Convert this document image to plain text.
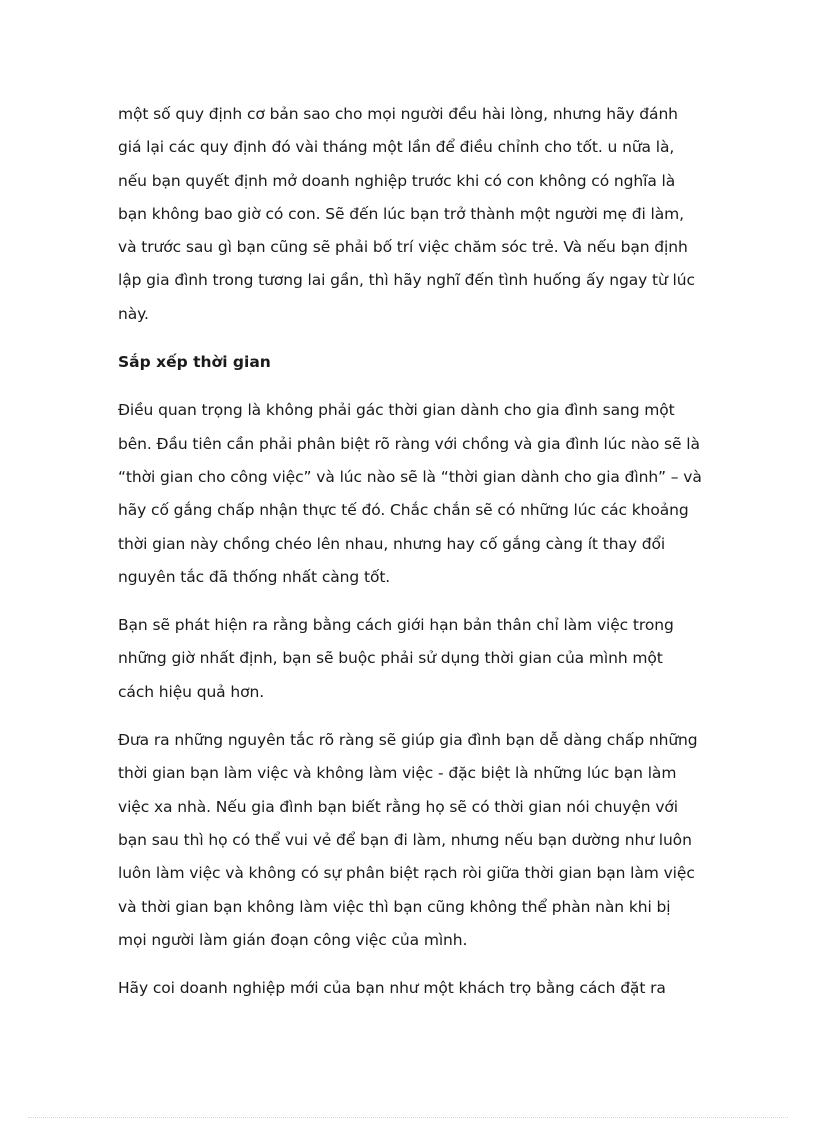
một số quy định cơ bản sao cho mọi người đều hài lòng, nhưng hãy đánh giá lại các quy định đó vài tháng một lần để điều chỉnh cho tốt. u nữa là, nếu bạn quyết định mở doanh nghiệp trước khi có con không có nghĩa là bạn không bao giờ có con. Sẽ đến lúc bạn trở thành một người mẹ đi làm, và trước sau gì bạn cũng sẽ phải bố trí việc chăm sóc trẻ. Và nếu bạn định lập gia đình trong tương lai gần, thì hãy nghĩ đến tình huống ấy ngay từ lúc này.

Sắp xếp thời gian

Điều quan trọng là không phải gác thời gian dành cho gia đình sang một bên. Đầu tiên cần phải phân biệt rõ ràng với chồng và gia đình lúc nào sẽ là “thời gian cho công việc” và lúc nào sẽ là “thời gian dành cho gia đình” – và hãy cố gắng chấp nhận thực tế đó. Chắc chắn sẽ có những lúc các khoảng thời gian này chồng chéo lên nhau, nhưng hay cố gắng càng ít thay đổi nguyên tắc đã thống nhất càng tốt.

Bạn sẽ phát hiện ra rằng bằng cách giới hạn bản thân chỉ làm việc trong những giờ nhất định, bạn sẽ buộc phải sử dụng thời gian của mình một cách hiệu quả hơn.

Đưa ra những nguyên tắc rõ ràng sẽ giúp gia đình bạn dễ dàng chấp những thời gian bạn làm việc và không làm việc - đặc biệt là những lúc bạn làm việc xa nhà. Nếu gia đình bạn biết rằng họ sẽ có thời gian nói chuyện với bạn sau thì họ có thể vui vẻ để bạn đi làm, nhưng nếu bạn dường như luôn luôn làm việc và không có sự phân biệt rạch ròi giữa thời gian bạn làm việc và thời gian bạn không làm việc thì bạn cũng không thể phàn nàn khi bị mọi người làm gián đoạn công việc của mình.

Hãy coi doanh nghiệp mới của bạn như một khách trọ bằng cách đặt ra
